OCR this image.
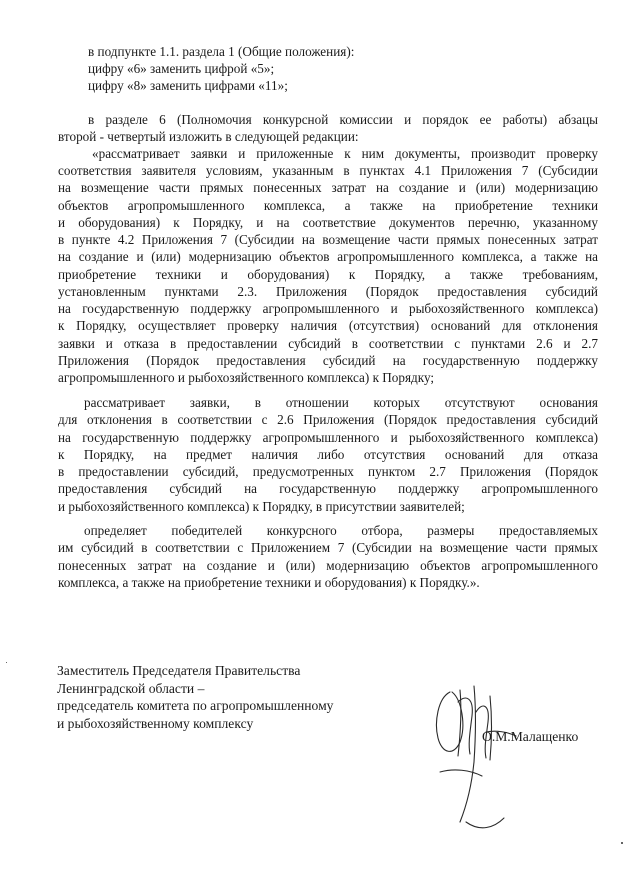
в подпункте 1.1. раздела 1 (Общие положения):
цифру «6» заменить цифрой «5»;
цифру «8» заменить цифрами «11»;
в разделе 6 (Полномочия конкурсной комиссии и порядок ее работы) абзацы
второй - четвертый изложить в следующей редакции:
«рассматривает заявки и приложенные к ним документы, производит проверку
соответствия заявителя условиям, указанным в пунктах 4.1 Приложения 7 (Субсидии
на возмещение части прямых понесенных затрат на создание и (или) модернизацию
объектов агропромышленного комплекса, а также на приобретение техники
и оборудования) к Порядку, и на соответствие документов перечню, указанному
в пункте 4.2 Приложения 7 (Субсидии на возмещение части прямых понесенных затрат
на создание и (или) модернизацию объектов агропромышленного комплекса, а также на
приобретение техники и оборудования) к Порядку, а также требованиям,
установленным пунктами 2.3. Приложения (Порядок предоставления субсидий
на государственную поддержку агропромышленного и рыбохозяйственного комплекса)
к Порядку, осуществляет проверку наличия (отсутствия) оснований для отклонения
заявки и отказа в предоставлении субсидий в соответствии с пунктами 2.6 и 2.7
Приложения (Порядок предоставления субсидий на государственную поддержку
агропромышленного и рыбохозяйственного комплекса) к Порядку;
рассматривает заявки, в отношении которых отсутствуют основания
для отклонения в соответствии с 2.6 Приложения (Порядок предоставления субсидий
на государственную поддержку агропромышленного и рыбохозяйственного комплекса)
к Порядку, на предмет наличия либо отсутствия оснований для отказа
в предоставлении субсидий, предусмотренных пунктом 2.7 Приложения (Порядок
предоставления субсидий на государственную поддержку агропромышленного
и рыбохозяйственного комплекса) к Порядку, в присутствии заявителей;
определяет победителей конкурсного отбора, размеры предоставляемых
им субсидий в соответствии с Приложением 7 (Субсидии на возмещение части прямых
понесенных затрат на создание и (или) модернизацию объектов агропромышленного
комплекса, а также на приобретение техники и оборудования) к Порядку.».
Заместитель Председателя Правительства
Ленинградской области –
председатель комитета по агропромышленному
и рыбохозяйственному комплексу
О.М.Малащенко
